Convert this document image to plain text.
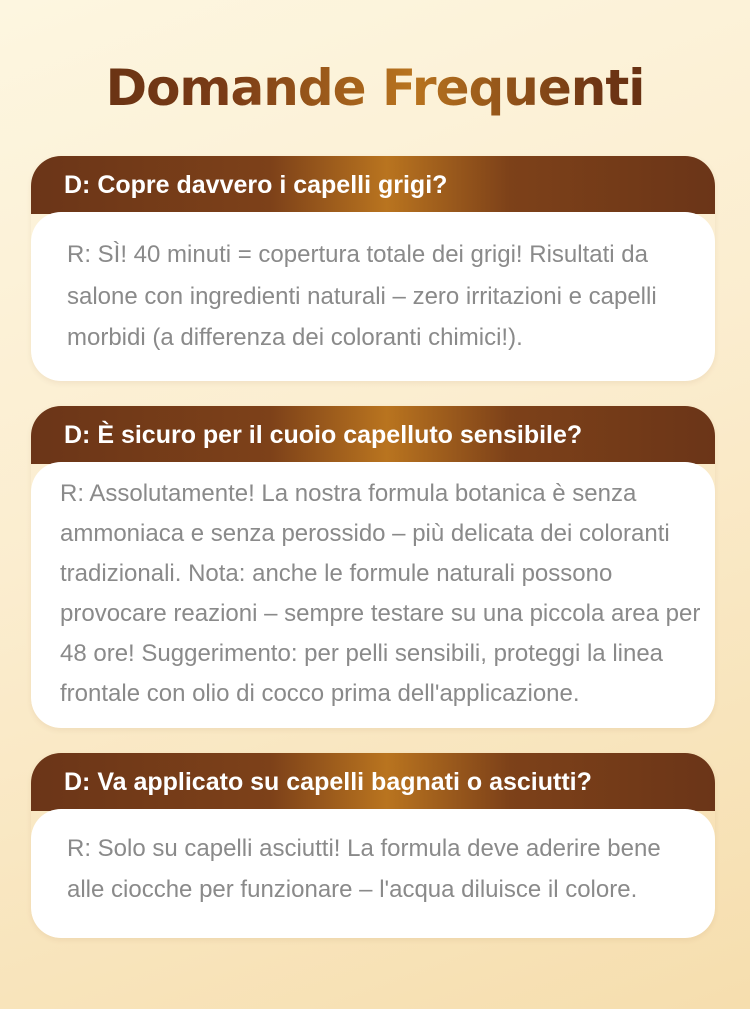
Domande Frequenti
D: Copre davvero i capelli grigi?

R: SÌ! 40 minuti = copertura totale dei grigi! Risultati da salone con ingredienti naturali – zero irritazioni e capelli morbidi (a differenza dei coloranti chimici!).

D: È sicuro per il cuoio capelluto sensibile?

R: Assolutamente! La nostra formula botanica è senza ammoniaca e senza perossido – più delicata dei coloranti tradizionali. Nota: anche le formule naturali possono provocare reazioni – sempre testare su una piccola area per 48 ore! Suggerimento: per pelli sensibili, proteggi la linea frontale con olio di cocco prima dell'applicazione.

D: Va applicato su capelli bagnati o asciutti?

R: Solo su capelli asciutti! La formula deve aderire bene alle ciocche per funzionare – l'acqua diluisce il colore.
